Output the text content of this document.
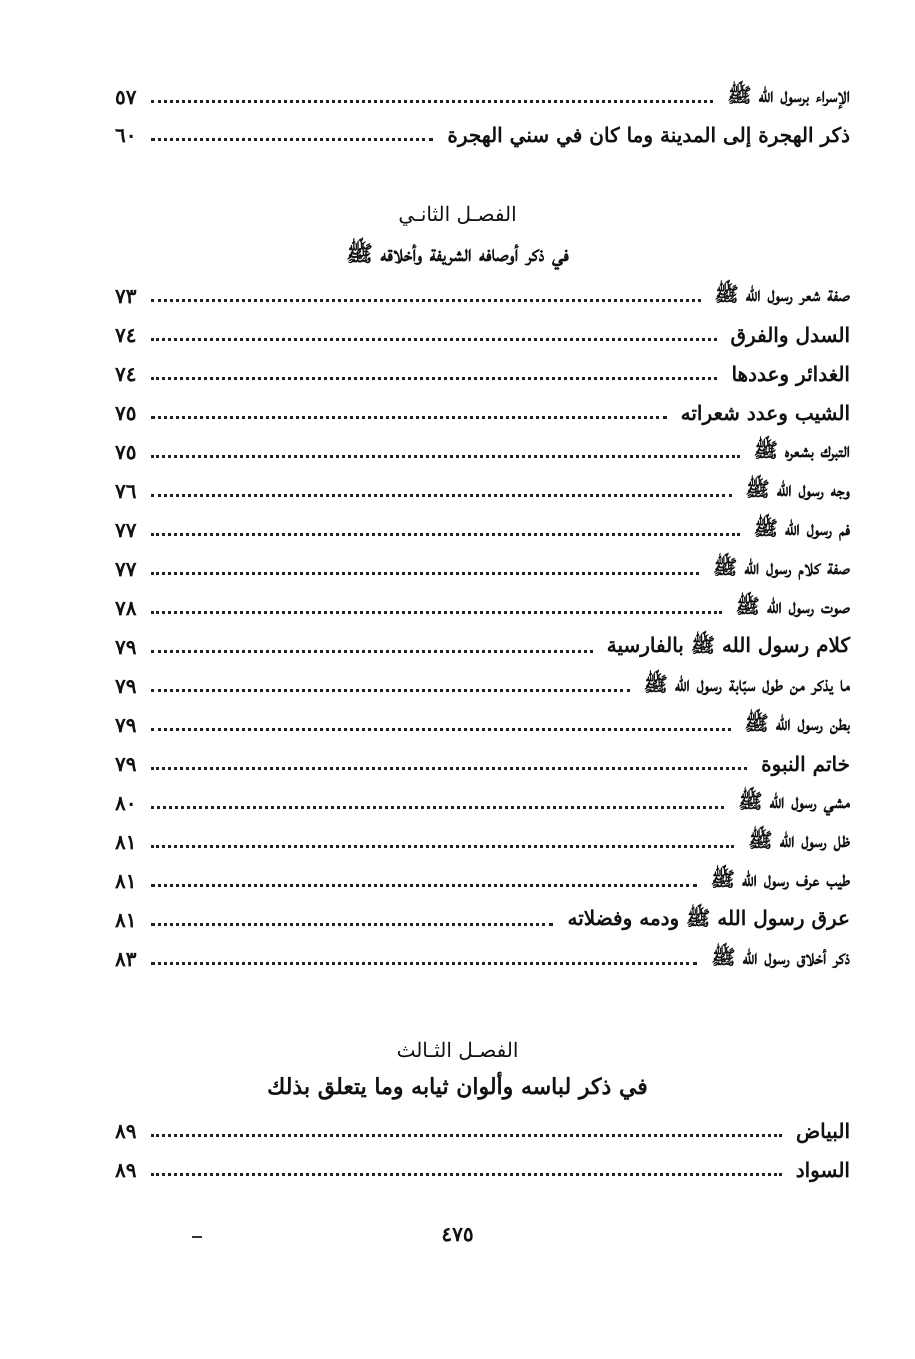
الإسراء برسول الله ﷺ
٥٧
ذكر الهجرة إلى المدينة وما كان في سني الهجرة
٦٠
الفصـل الثانـي
في ذكر أوصافه الشريفة وأخلاقه ﷺ
صفة شعر رسول الله ﷺ
٧٣
السدل والفرق
٧٤
الغدائر وعددها
٧٤
الشيب وعدد شعراته
٧٥
التبرك بشعره ﷺ
٧٥
وجه رسول الله ﷺ
٧٦
فم رسول الله ﷺ
٧٧
صفة كلام رسول الله ﷺ
٧٧
صوت رسول الله ﷺ
٧٨
كلام رسول الله ﷺ بالفارسية
٧٩
ما يذكر من طول سبّابة رسول الله ﷺ
٧٩
بطن رسول الله ﷺ
٧٩
خاتم النبوة
٧٩
مشي رسول الله ﷺ
٨٠
ظل رسول الله ﷺ
٨١
طيب عرف رسول الله ﷺ
٨١
عرق رسول الله ﷺ ودمه وفضلاته
٨١
ذكر أخلاق رسول الله ﷺ
٨٣
الفصـل الثـالث
في ذكر لباسه وألوان ثيابه وما يتعلق بذلك
البياض
٨٩
السواد
٨٩
٤٧٥
